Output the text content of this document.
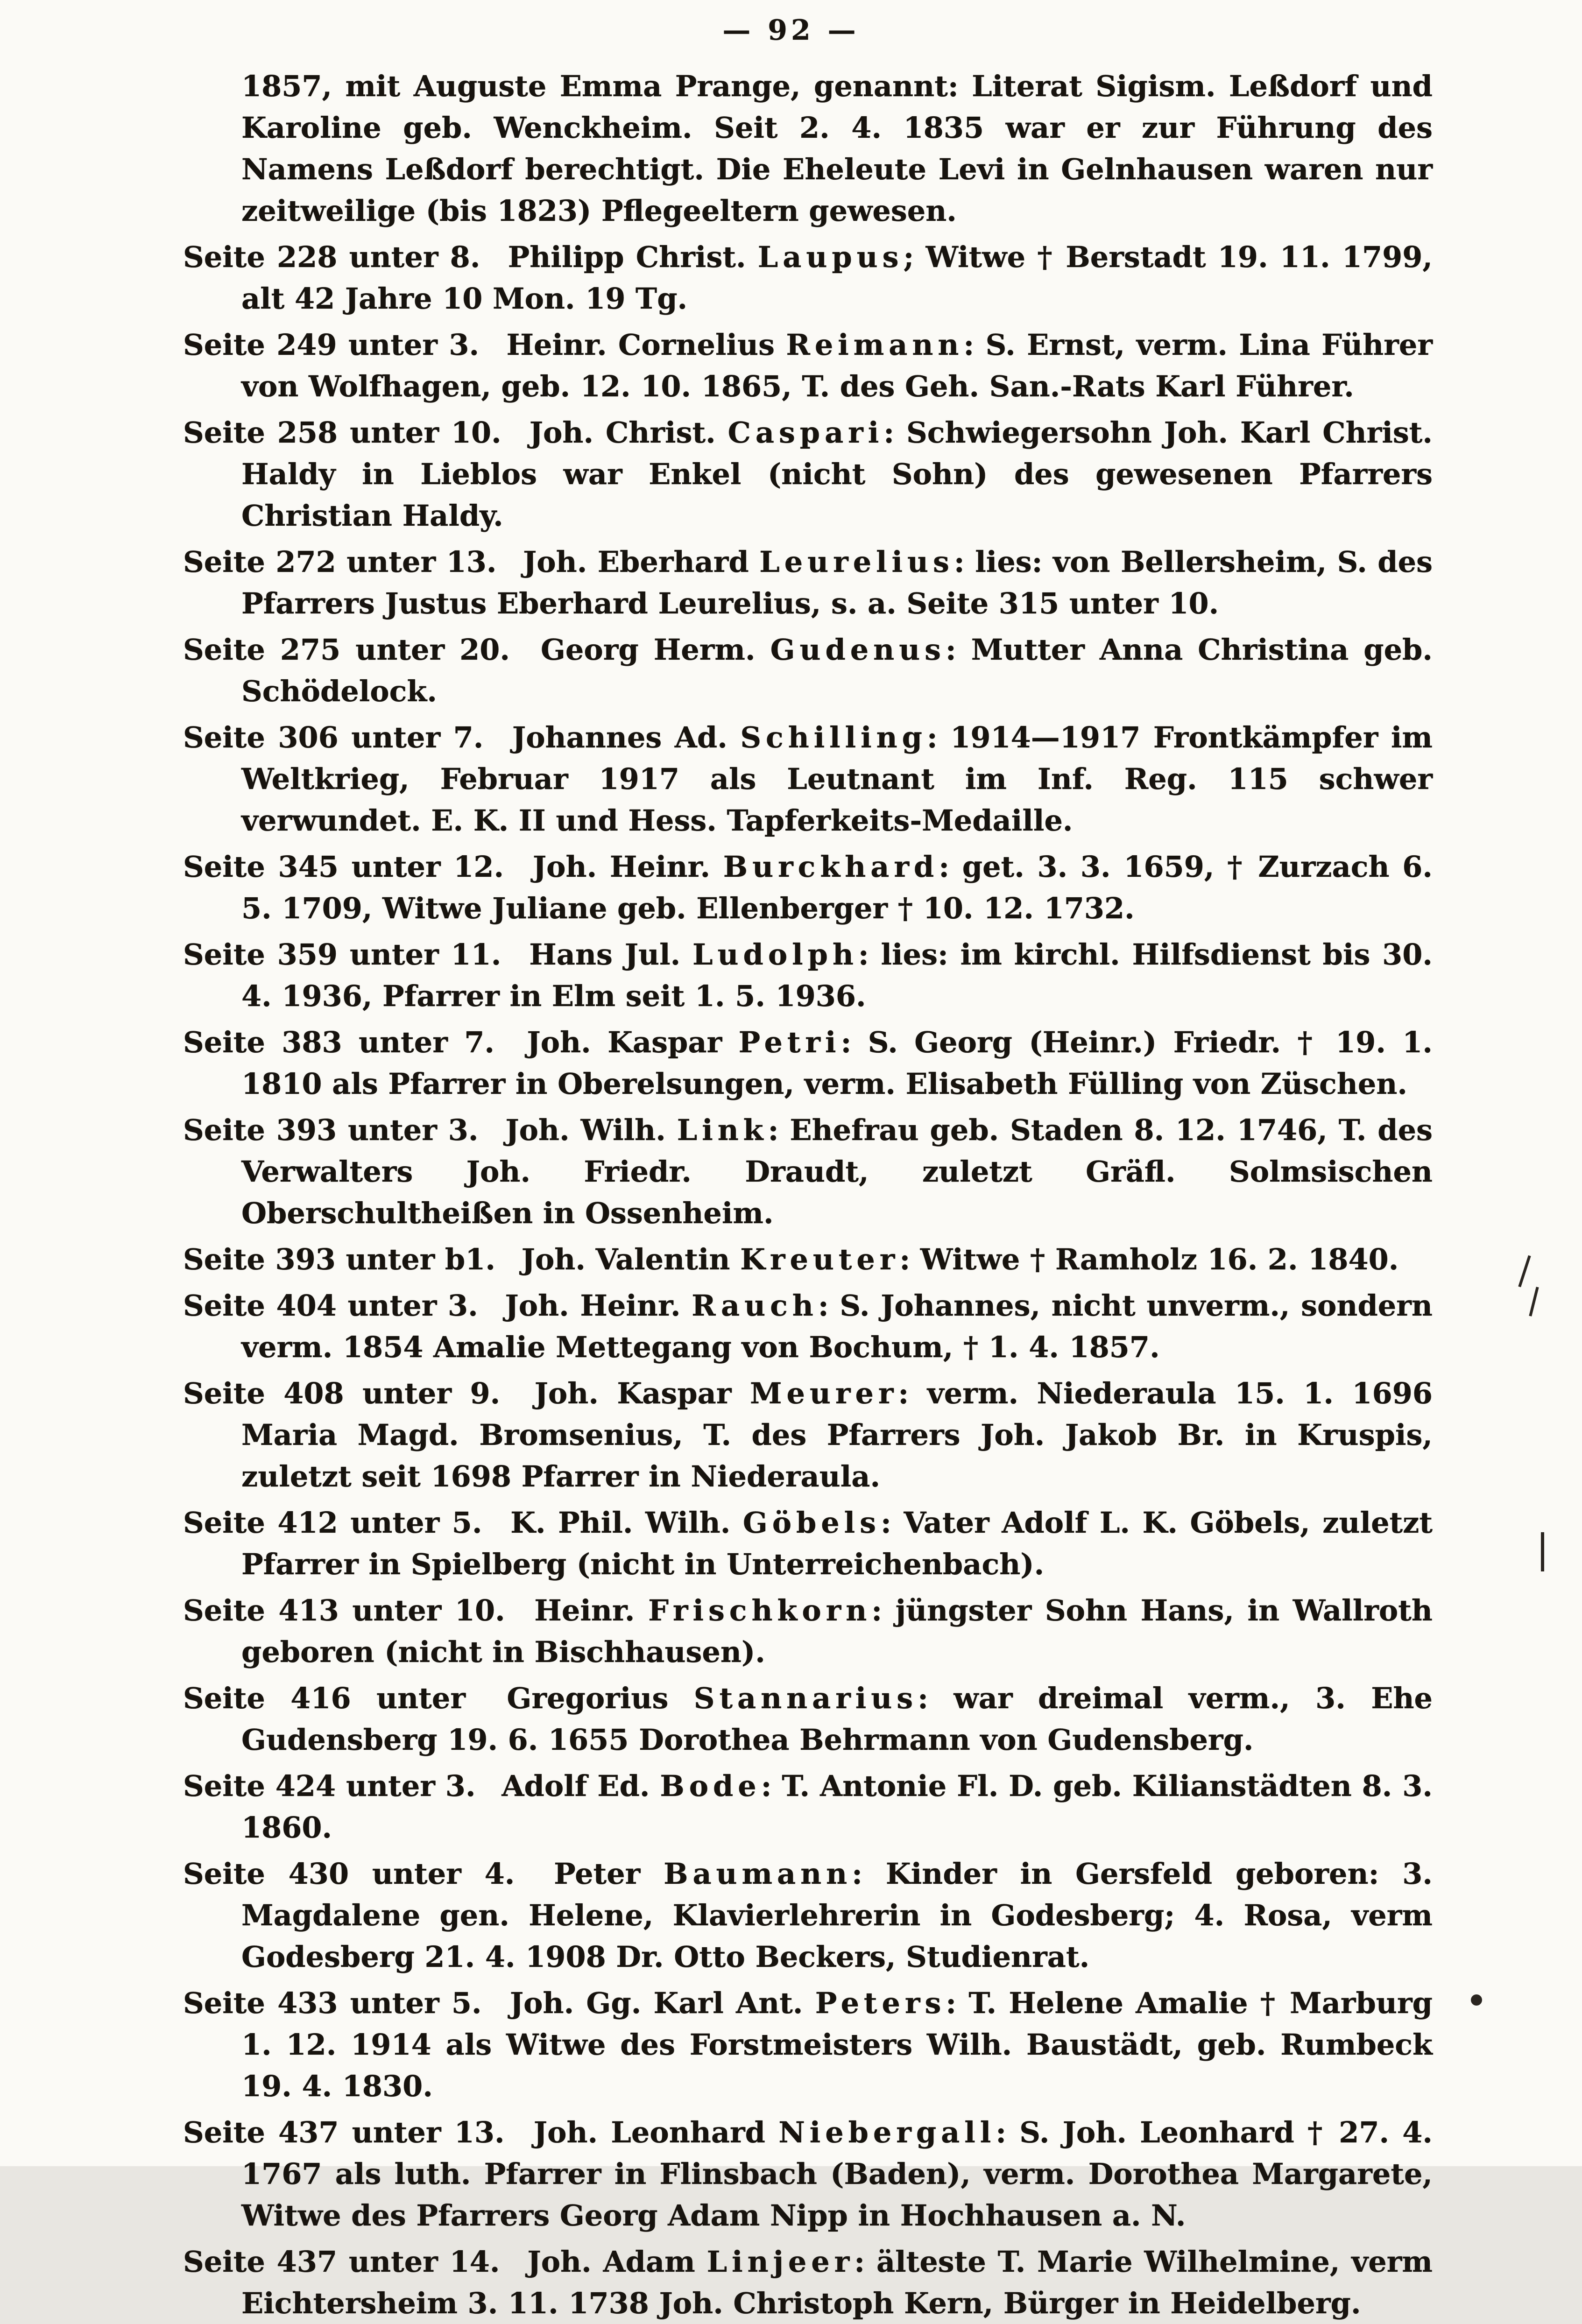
— 92 —

1857, mit Auguste Emma Prange, genannt: Literat Sigism. Leßdorf und Karoline geb. Wenckheim. Seit 2. 4. 1835 war er zur Führung des Namens Leßdorf berechtigt. Die Eheleute Levi in Gelnhausen waren nur zeitweilige (bis 1823) Pflegeeltern gewesen.

Seite 228 unter 8. Philipp Christ. Laupus; Witwe † Berstadt 19. 11. 1799, alt 42 Jahre 10 Mon. 19 Tg.

Seite 249 unter 3. Heinr. Cornelius Reimann: S. Ernst, verm. Lina Führer von Wolfhagen, geb. 12. 10. 1865, T. des Geh. San.-Rats Karl Führer.

Seite 258 unter 10. Joh. Christ. Caspari: Schwiegersohn Joh. Karl Christ. Haldy in Lieblos war Enkel (nicht Sohn) des gewesenen Pfarrers Christian Haldy.

Seite 272 unter 13. Joh. Eberhard Leurelius: lies: von Bellersheim, S. des Pfarrers Justus Eberhard Leurelius, s. a. Seite 315 unter 10.

Seite 275 unter 20. Georg Herm. Gudenus: Mutter Anna Christina geb. Schödelock.

Seite 306 unter 7. Johannes Ad. Schilling: 1914—1917 Frontkämpfer im Weltkrieg, Februar 1917 als Leutnant im Inf. Reg. 115 schwer verwundet. E. K. II und Hess. Tapferkeits-Medaille.

Seite 345 unter 12. Joh. Heinr. Burckhard: get. 3. 3. 1659, † Zurzach 6. 5. 1709, Witwe Juliane geb. Ellenberger † 10. 12. 1732.

Seite 359 unter 11. Hans Jul. Ludolph: lies: im kirchl. Hilfsdienst bis 30. 4. 1936, Pfarrer in Elm seit 1. 5. 1936.

Seite 383 unter 7. Joh. Kaspar Petri: S. Georg (Heinr.) Friedr. † 19. 1. 1810 als Pfarrer in Oberelsungen, verm. Elisabeth Fülling von Züschen.

Seite 393 unter 3. Joh. Wilh. Link: Ehefrau geb. Staden 8. 12. 1746, T. des Verwalters Joh. Friedr. Draudt, zuletzt Gräfl. Solmsischen Oberschultheißen in Ossenheim.

Seite 393 unter b1. Joh. Valentin Kreuter: Witwe † Ramholz 16. 2. 1840.

Seite 404 unter 3. Joh. Heinr. Rauch: S. Johannes, nicht unverm., sondern verm. 1854 Amalie Mettegang von Bochum, † 1. 4. 1857.

Seite 408 unter 9. Joh. Kaspar Meurer: verm. Niederaula 15. 1. 1696 Maria Magd. Bromsenius, T. des Pfarrers Joh. Jakob Br. in Kruspis, zuletzt seit 1698 Pfarrer in Niederaula.

Seite 412 unter 5. K. Phil. Wilh. Göbels: Vater Adolf L. K. Göbels, zuletzt Pfarrer in Spielberg (nicht in Unterreichenbach).

Seite 413 unter 10. Heinr. Frischkorn: jüngster Sohn Hans, in Wallroth geboren (nicht in Bischhausen).

Seite 416 unter Gregorius Stannarius: war dreimal verm., 3. Ehe Gudensberg 19. 6. 1655 Dorothea Behrmann von Gudensberg.

Seite 424 unter 3. Adolf Ed. Bode: T. Antonie Fl. D. geb. Kilianstädten 8. 3. 1860.

Seite 430 unter 4. Peter Baumann: Kinder in Gersfeld geboren: 3. Magdalene gen. Helene, Klavierlehrerin in Godesberg; 4. Rosa, verm Godesberg 21. 4. 1908 Dr. Otto Beckers, Studienrat.

Seite 433 unter 5. Joh. Gg. Karl Ant. Peters: T. Helene Amalie † Marburg 1. 12. 1914 als Witwe des Forstmeisters Wilh. Baustädt, geb. Rumbeck 19. 4. 1830.

Seite 437 unter 13. Joh. Leonhard Niebergall: S. Joh. Leonhard † 27. 4. 1767 als luth. Pfarrer in Flinsbach (Baden), verm. Dorothea Margarete, Witwe des Pfarrers Georg Adam Nipp in Hochhausen a. N.

Seite 437 unter 14. Joh. Adam Linjeer: älteste T. Marie Wilhelmine, verm Eichtersheim 3. 11. 1738 Joh. Christoph Kern, Bürger in Heidelberg.
